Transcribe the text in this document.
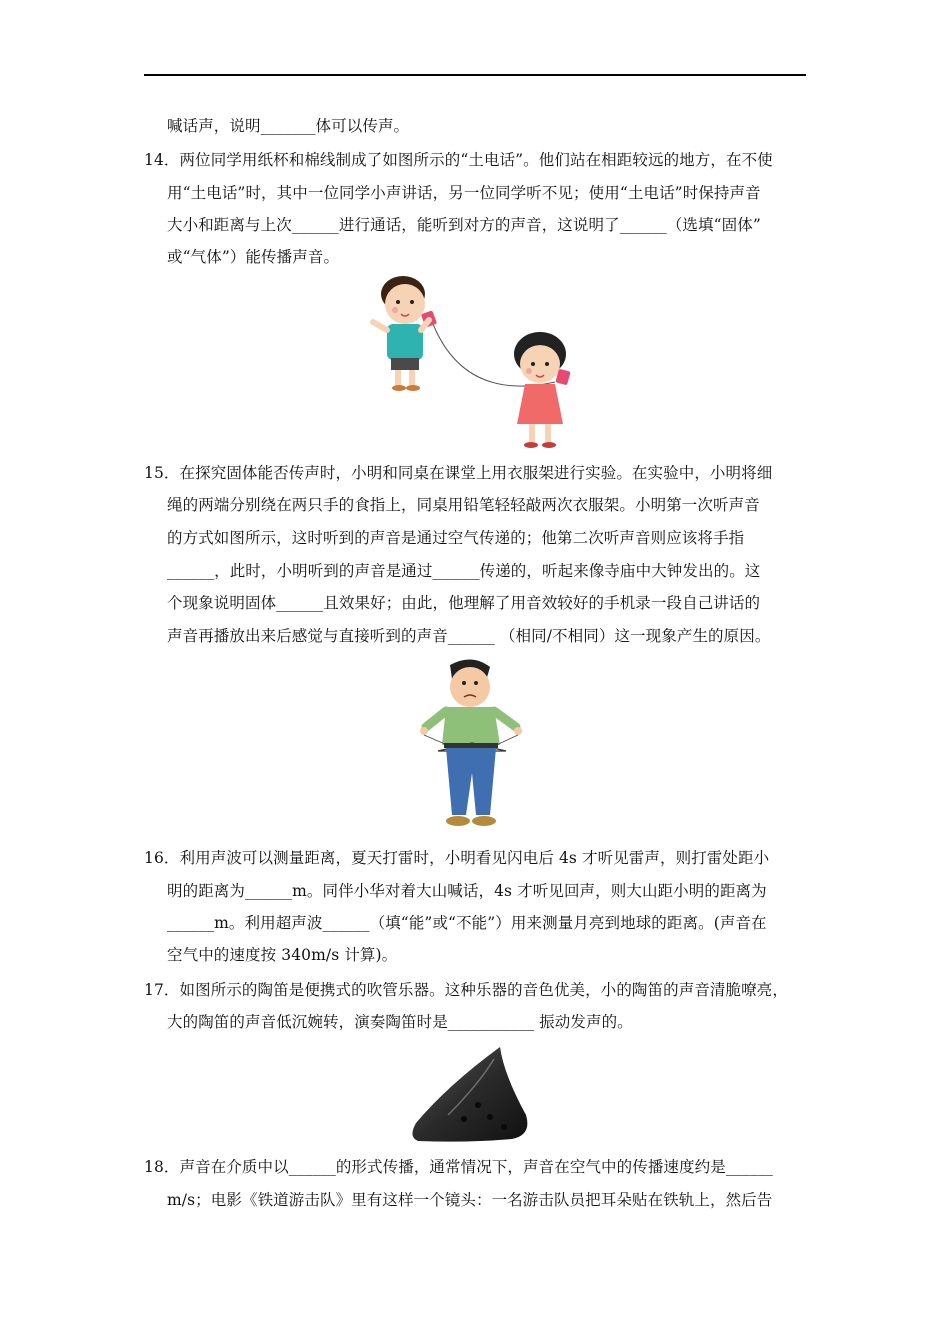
喊话声，说明_______体可以传声。
14．两位同学用纸杯和棉线制成了如图所示的“土电话”。他们站在相距较远的地方，在不使
用“土电话”时，其中一位同学小声讲话，另一位同学听不见；使用“土电话”时保持声音
大小和距离与上次______进行通话，能听到对方的声音，这说明了______（选填“固体”
或“气体”）能传播声音。
15．在探究固体能否传声时，小明和同桌在课堂上用衣服架进行实验。在实验中，小明将细
绳的两端分别绕在两只手的食指上，同桌用铅笔轻轻敲两次衣服架。小明第一次听声音
的方式如图所示，这时听到的声音是通过空气传递的；他第二次听声音则应该将手指
______，此时，小明听到的声音是通过______传递的，听起来像寺庙中大钟发出的。这
个现象说明固体______且效果好；由此，他理解了用音效较好的手机录一段自己讲话的
声音再播放出来后感觉与直接听到的声音______ （相同/不相同）这一现象产生的原因。
16．利用声波可以测量距离，夏天打雷时，小明看见闪电后 4s 才听见雷声，则打雷处距小
明的距离为______m。同伴小华对着大山喊话，4s 才听见回声，则大山距小明的距离为
______m。利用超声波______（填“能”或“不能”）用来测量月亮到地球的距离。(声音在
空气中的速度按 340m/s 计算)。
17．如图所示的陶笛是便携式的吹管乐器。这种乐器的音色优美，小的陶笛的声音清脆嘹亮，
大的陶笛的声音低沉婉转，演奏陶笛时是___________ 振动发声的。
18．声音在介质中以______的形式传播，通常情况下，声音在空气中的传播速度约是______
m/s；电影《铁道游击队》里有这样一个镜头：一名游击队员把耳朵贴在铁轨上，然后告
